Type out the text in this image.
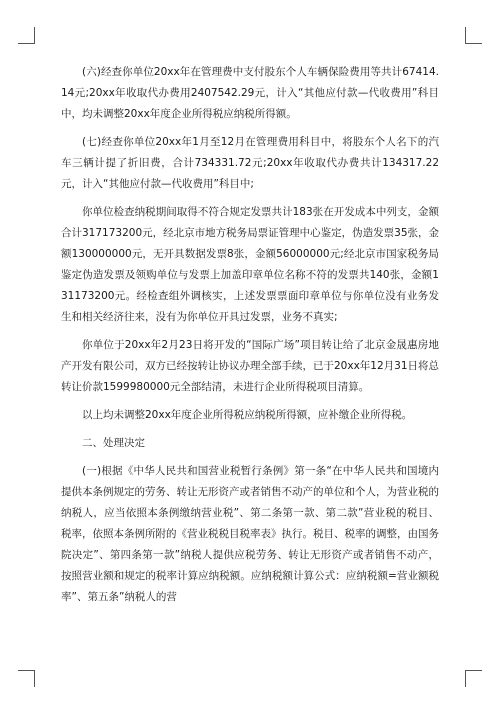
(六)经查你单位20xx年在管理费中支付股东个人车辆保险费用等共计67414.14元;20xx年收取代办费用2407542.29元，计入“其他应付款—代收费用”科目中，均未调整20xx年度企业所得税应纳税所得额。

(七)经查你单位20xx年1月至12月在管理费用科目中，将股东个人名下的汽车三辆计提了折旧费，合计734331.72元;20xx年收取代办费共计134317.22元，计入“其他应付款—代收费用”科目中;

你单位检查纳税期间取得不符合规定发票共计183张在开发成本中列支，金额合计317173200元，经北京市地方税务局票证管理中心鉴定，伪造发票35张，金额130000000元，无开具数据发票8张，金额56000000元;经北京市国家税务局鉴定伪造发票及领购单位与发票上加盖印章单位名称不符的发票共140张，金额131173200元。经检查组外调核实，上述发票票面印章单位与你单位没有业务发生和相关经济往来，没有为你单位开具过发票，业务不真实;

你单位于20xx年2月23日将开发的“国际广场”项目转让给了北京金晟惠房地产开发有限公司，双方已经按转让协议办理全部手续，已于20xx年12月31日将总转让价款1599980000元全部结清，未进行企业所得税项目清算。

以上均未调整20xx年度企业所得税应纳税所得额，应补缴企业所得税。

二、处理决定

(一)根据《中华人民共和国营业税暂行条例》第一条“在中华人民共和国境内提供本条例规定的劳务、转让无形资产或者销售不动产的单位和个人，为营业税的纳税人，应当依照本条例缴纳营业税”、第二条第一款、第二款”营业税的税目、税率，依照本条例所附的《营业税税目税率表》执行。税目、税率的调整，由国务院决定”、第四条第一款”纳税人提供应税劳务、转让无形资产或者销售不动产，按照营业额和规定的税率计算应纳税额。应纳税额计算公式：应纳税额=营业额税率”、第五条”纳税人的营
